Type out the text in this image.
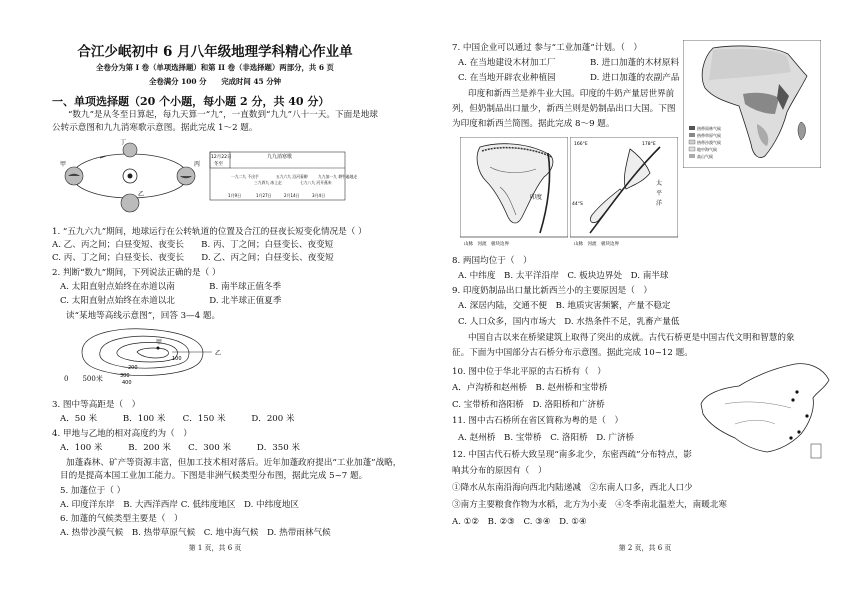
合江少岷初中 6 月八年级地理学科精心作业单
全卷分为第 I 卷（单项选择题）和第 II 卷（非选择题）两部分，共 6 页
全卷满分 100 分　　完成时间 45 分钟
一、单项选择题（20 个小题，每小题 2 分，共 40 分）
“数九”是从冬至日算起，每九天算一“九”，一直数到“九九”八十一天。下面是地球
公转示意图和九九消寒歌示意图。据此完成 1～2 题。
丁
甲	丙
乙
12月22日
冬至
九九消寒歌
一九二九 不出手
三九四九 冰上走
五九六九 沿河看柳
七九八九 河开燕来
九九加一九 耕牛遍地走
1月9日	1月27日	2月14日	3月4日
1. “五九六九”期间，地球运行在公转轨道的位置及合江的昼夜长短变化情况是（ ）
A. 乙、丙之间；白昼变短、夜变长　　B. 丙、丁之间；白昼变长、夜变短
C. 丙、丁之间；白昼变长、夜变长　　D. 乙、丙之间；白昼变长、夜变短
2. 判断“数九”期间，下列说法正确的是（ ）
A. 太阳直射点始终在赤道以南　　　　B. 南半球正值冬季
C. 太阳直射点始终在赤道以北　　　　D. 北半球正值夏季
读“某地等高线示意图”，回答 3—4 题。
甲
乙
100
200
300
400
0　　500米
3. 图中等高距是（　）
A．50 米　　　B．100 米　　C．150 米　　　D．200 米
4. 甲地与乙地的相对高度约为（　）
A．100 米　　　B．200 米　　C．300 米　　　D．350 米
加蓬森林、矿产等资源丰富，但加工技术相对落后。近年加蓬政府提出“工业加蓬”战略，
目的是提高本国工业加工能力。下图是非洲气候类型分布图，据此完成 5~7 题。
5. 加蓬位于（ ）
A. 印度洋东岸　B. 大西洋西岸 C. 低纬度地区　D. 中纬度地区
6. 加蓬的气候类型主要是（　）
A. 热带沙漠气候　B. 热带草原气候　C. 地中海气候　D. 热带雨林气候
第 1 页，共 6 页
7. 中国企业可以通过 参与“工业加蓬”计划。（　）
A. 在当地建设木材加工厂　　　　B. 进口加蓬的木材原料
C. 在当地开辟农业种植园　　　　D. 进口加蓬的农副产品
印度和新西兰是养牛业大国。印度的牛奶产量居世界前
列，但奶制品出口量少，新西兰则是奶制品出口大国。下图
为印度和新西兰简图。据此完成 8～9 题。	热带雨林气候
热带草原气候
热带沙漠气候
地中海气候
高山气候
印度
山脉　河流　板块边界
166°E	178°E
44°S
太
平
洋
山脉　河流　板块边界
8. 两国均位于（　）
A. 中纬度　B. 太平洋沿岸　C. 板块边界处　D. 南半球
9. 印度奶制品出口量比新西兰小的主要原因是（　）
A. 深居内陆，交通不便　B. 地质灾害频繁，产量不稳定
C. 人口众多，国内市场大　D. 水热条件不足，乳畜产量低
中国自古以来在桥梁建筑上取得了突出的成就。古代石桥更是中国古代文明和智慧的象
征。下面为中国部分古石桥分布示意图。据此完成 10~12 题。
10. 图中位于华北平原的古石桥有（　）
A．卢沟桥和赵州桥　B. 赵州桥和宝带桥
C. 宝带桥和洛阳桥　D. 洛阳桥和广济桥
11. 图中古石桥所在省区简称为粤的是（　）
A. 赵州桥　B. 宝带桥　C. 洛阳桥　D. 广济桥
12. 中国古代石桥大致呈现“南多北少，东密西疏”分布特点，影
响其分布的原因有（　）
①降水从东南沿海向西北内陆递减　②东南人口多，西北人口少
③南方主要粮食作物为水稻，北方为小麦　④冬季南北温差大，南暖北寒
A. ①②　B. ②③　C. ③④　D. ①④
第 2 页，共 6 页
